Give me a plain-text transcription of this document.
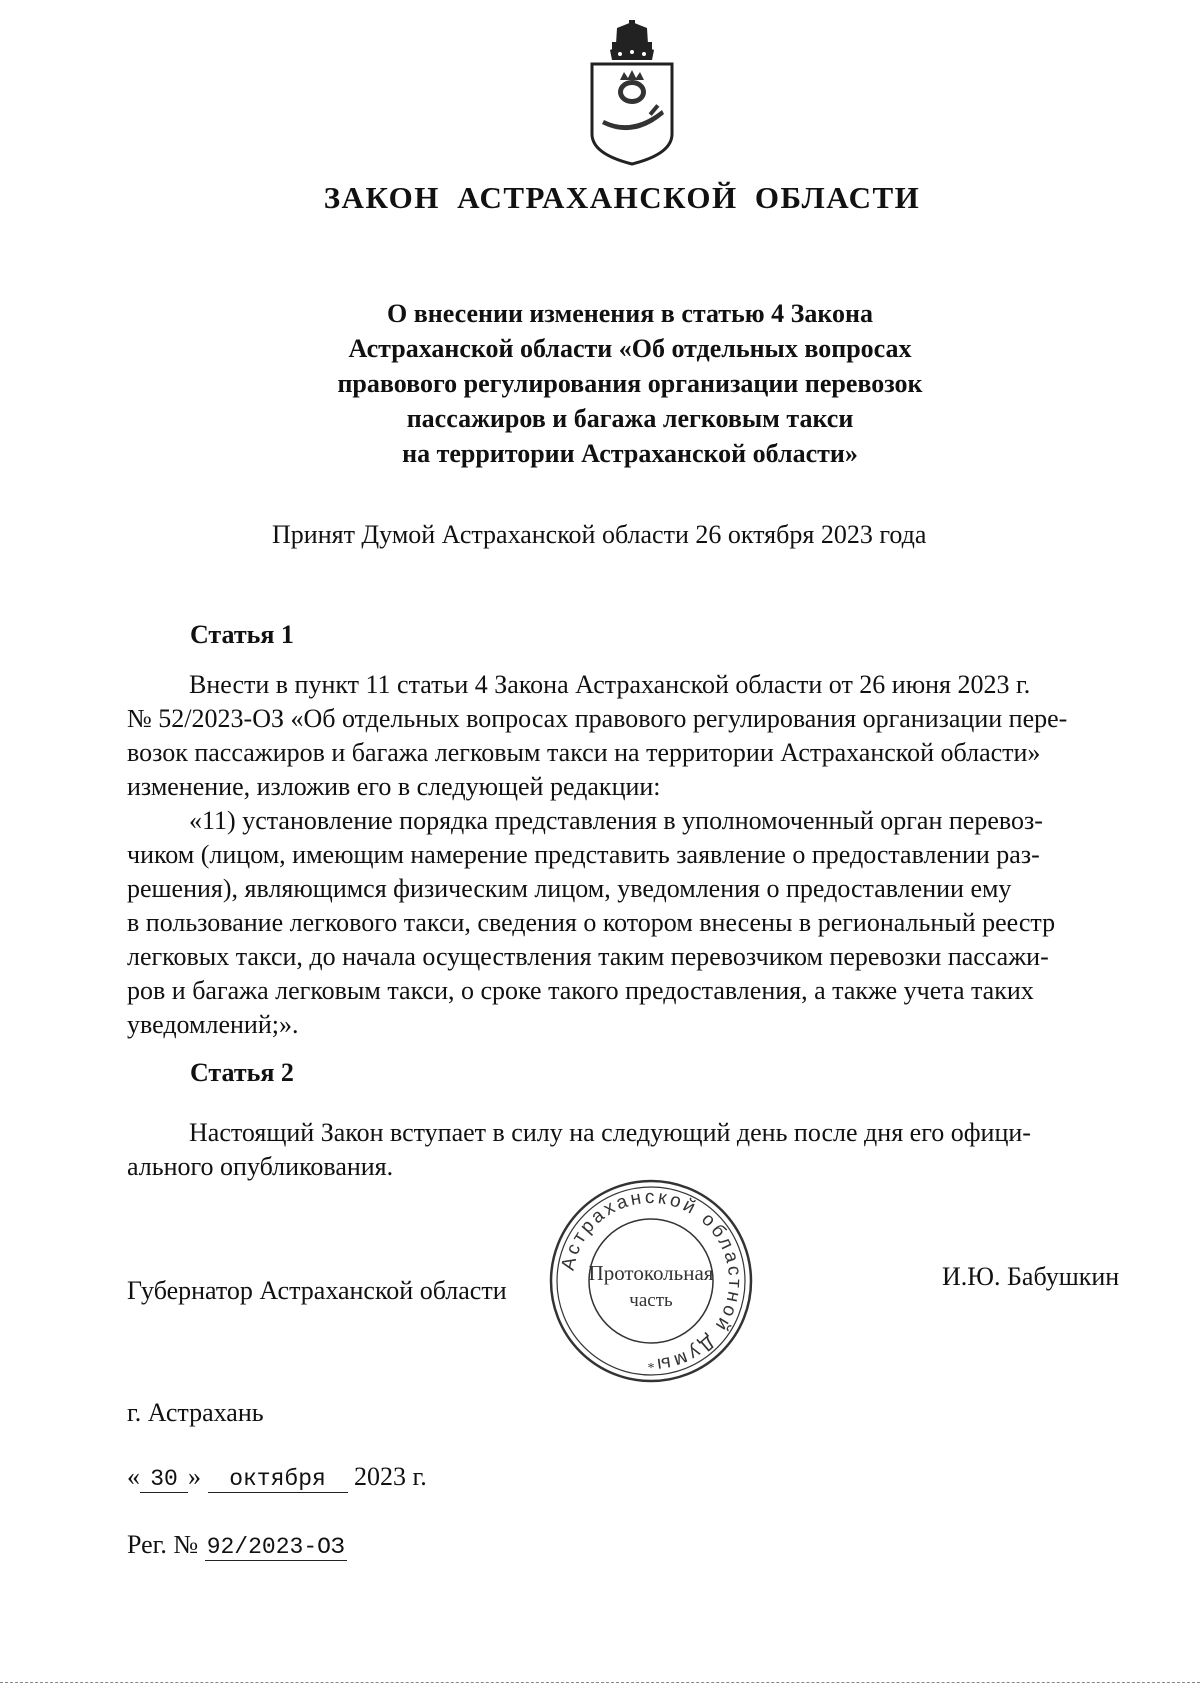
ЗАКОН АСТРАХАНСКОЙ ОБЛАСТИ
О внесении изменения в статью 4 Закона
Астраханской области «Об отдельных вопросах
правового регулирования организации перевозок
пассажиров и багажа легковым такси
на территории Астраханской области»
Принят Думой Астраханской области 26 октября 2023 года
Статья 1
Внести в пункт 11 статьи 4 Закона Астраханской области от 26 июня 2023 г.
№ 52/2023-ОЗ «Об отдельных вопросах правового регулирования организации пере-
возок пассажиров и багажа легковым такси на территории Астраханской области»
изменение, изложив его в следующей редакции:
«11) установление порядка представления в уполномоченный орган перевоз-
чиком (лицом, имеющим намерение представить заявление о предоставлении раз-
решения), являющимся физическим лицом, уведомления о предоставлении ему
в пользование легкового такси, сведения о котором внесены в региональный реестр
легковых такси, до начала осуществления таким перевозчиком перевозки пассажи-
ров и багажа легковым такси, о сроке такого предоставления, а также учета таких
уведомлений;».
Статья 2
Настоящий Закон вступает в силу на следующий день после дня его офици-
ального опубликования.
Губернатор Астраханской области
Астраханской областной Думы
Протокольная
часть
*
И.Ю. Бабушкин
г. Астрахань
« 30 » октября 2023 г.
Рег. № 92/2023-ОЗ
